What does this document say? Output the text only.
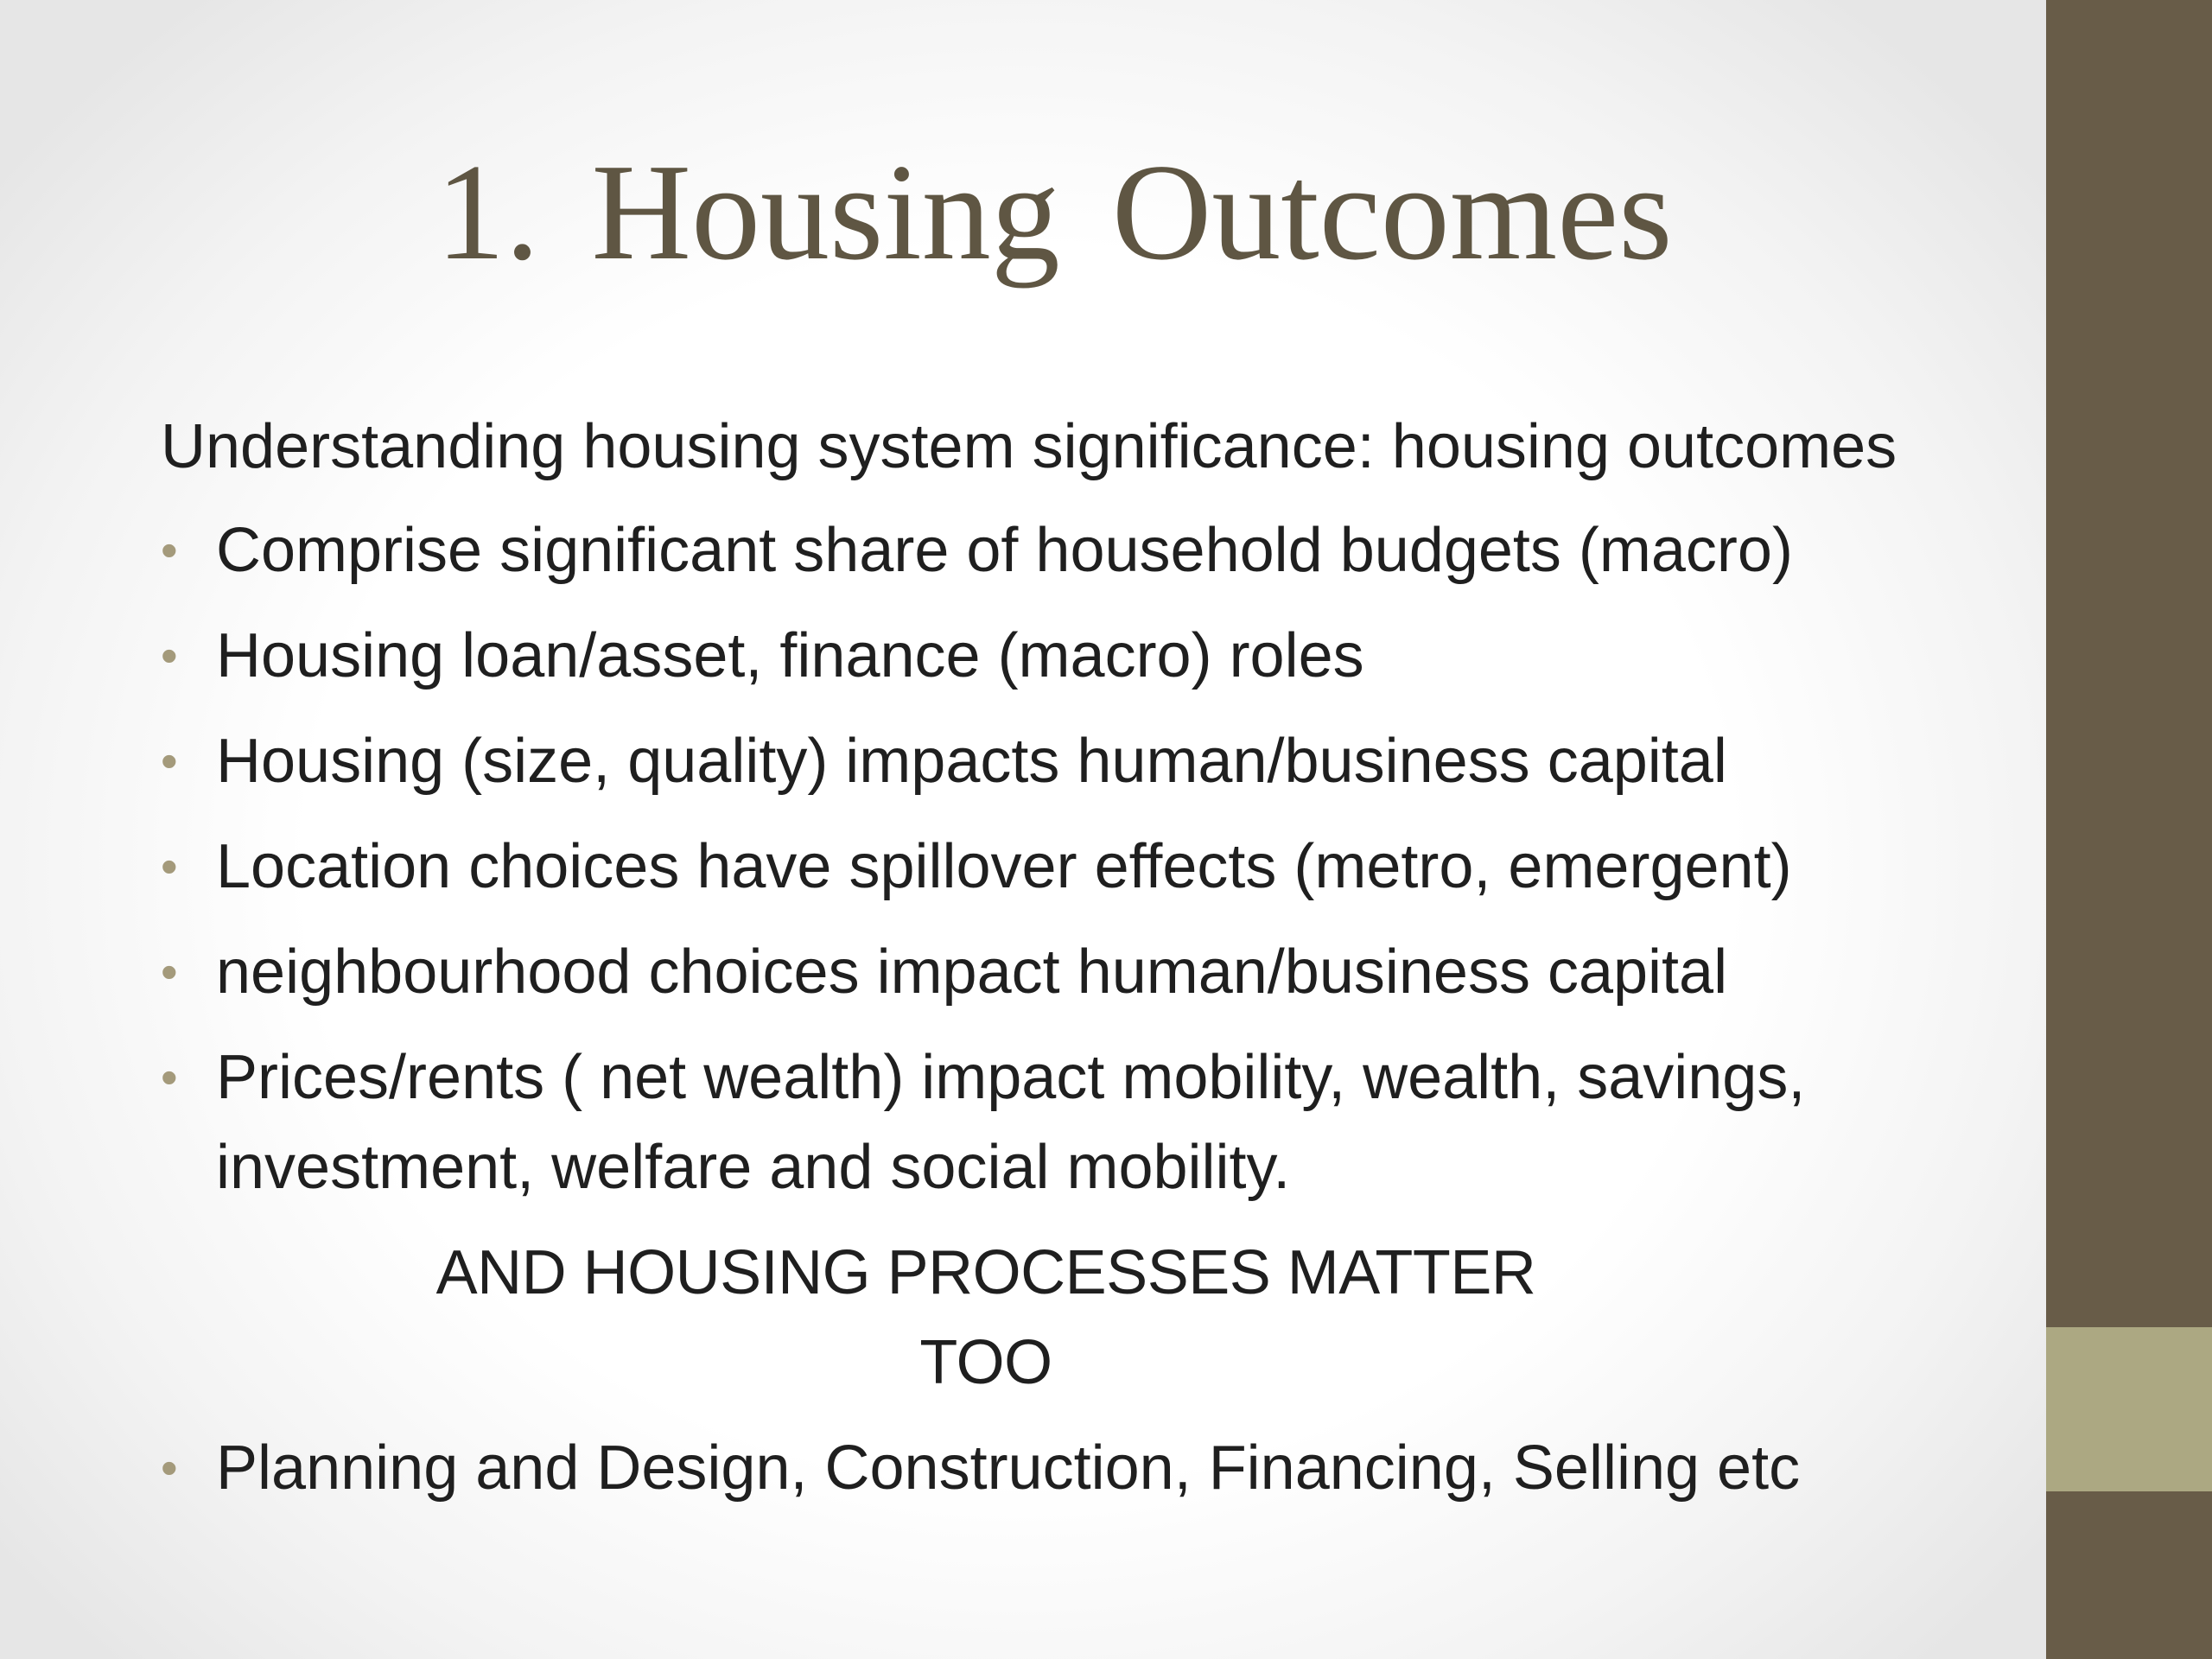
1. Housing Outcomes
Understanding housing system significance: housing outcomes
• Comprise significant share of household budgets (macro)
• Housing loan/asset, finance (macro) roles
• Housing (size, quality) impacts human/business capital
• Location choices have spillover effects (metro, emergent)
• neighbourhood choices impact human/business capital
• Prices/rents ( net wealth) impact mobility, wealth, savings, investment, welfare and social mobility.
AND HOUSING PROCESSES MATTER TOO
• Planning and Design, Construction, Financing, Selling etc
